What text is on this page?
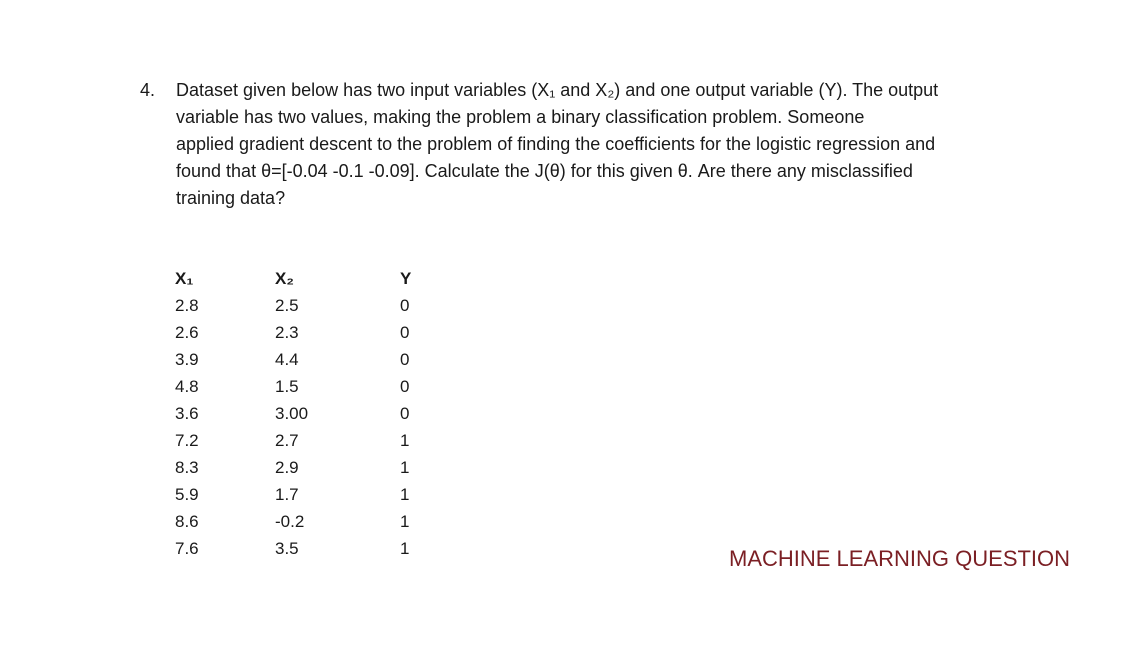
4. Dataset given below has two input variables (X₁ and X₂) and one output variable (Y). The output
variable has two values, making the problem a binary classification problem. Someone
applied gradient descent to the problem of finding the coefficients for the logistic regression and
found that θ=[-0.04 -0.1 -0.09]. Calculate the J(θ) for this given θ. Are there any misclassified
training data?
X₁	X₂	Y
2.8	2.5	0
2.6	2.3	0
3.9	4.4	0
4.8	1.5	0
3.6	3.00	0
7.2	2.7	1
8.3	2.9	1
5.9	1.7	1
8.6	-0.2	1
7.6	3.5	1	MACHINE LEARNING QUESTION
